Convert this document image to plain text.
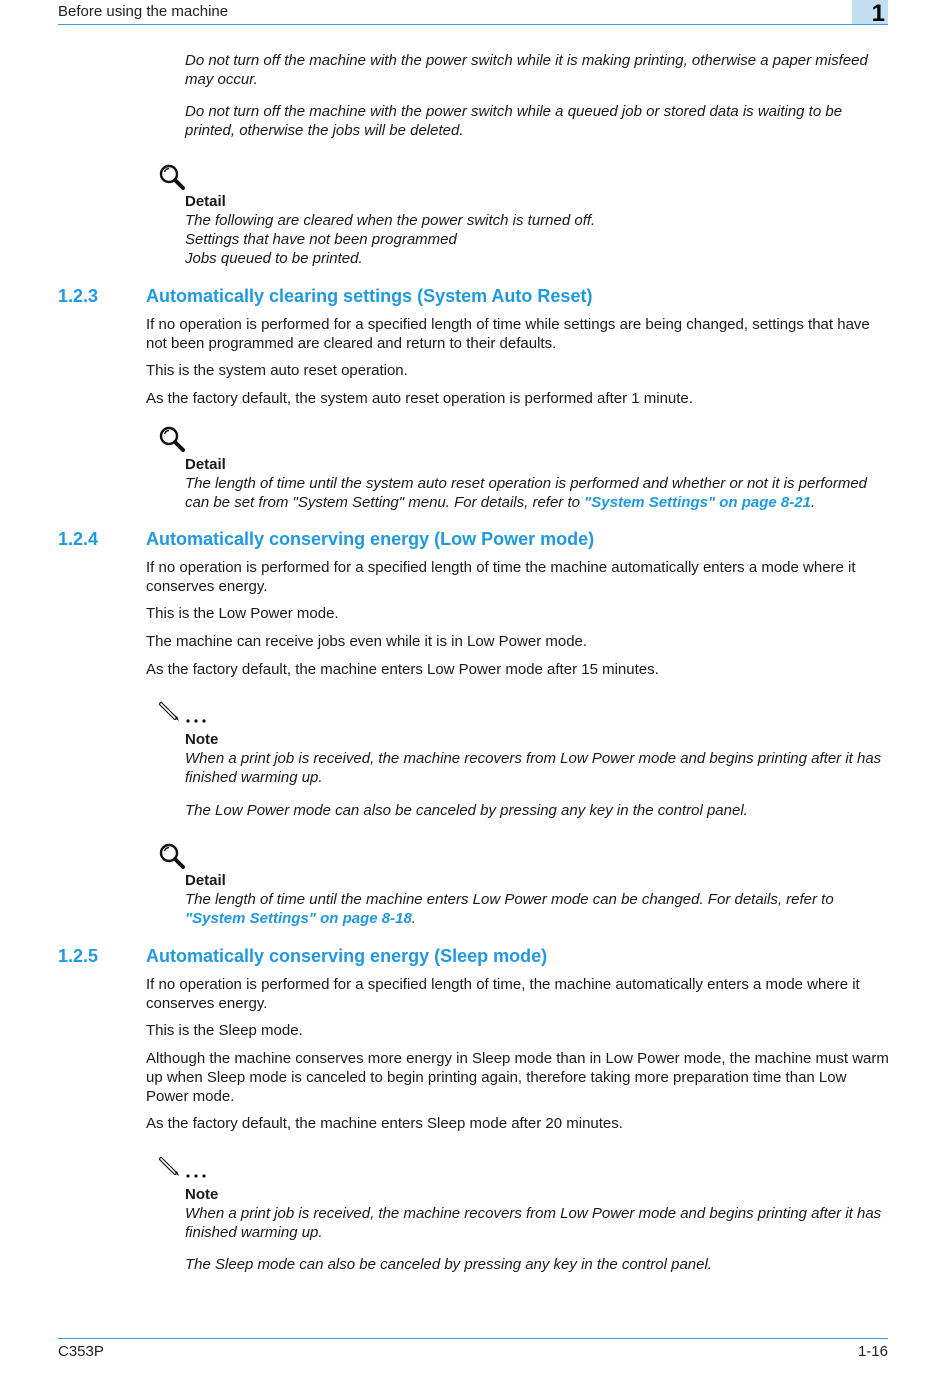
Before using the machine	1

Do not turn off the machine with the power switch while it is making printing, otherwise a paper misfeed may occur.

Do not turn off the machine with the power switch while a queued job or stored data is waiting to be printed, otherwise the jobs will be deleted.

Detail

The following are cleared when the power switch is turned off.

Settings that have not been programmed

Jobs queued to be printed.

1.2.3	Automatically clearing settings (System Auto Reset)

If no operation is performed for a specified length of time while settings are being changed, settings that have not been programmed are cleared and return to their defaults.

This is the system auto reset operation.

As the factory default, the system auto reset operation is performed after 1 minute.

Detail

The length of time until the system auto reset operation is performed and whether or not it is performed can be set from "System Setting" menu. For details, refer to "System Settings" on page 8-21.

1.2.4	Automatically conserving energy (Low Power mode)

If no operation is performed for a specified length of time the machine automatically enters a mode where it conserves energy.

This is the Low Power mode.

The machine can receive jobs even while it is in Low Power mode.

As the factory default, the machine enters Low Power mode after 15 minutes.

Note

When a print job is received, the machine recovers from Low Power mode and begins printing after it has finished warming up.

The Low Power mode can also be canceled by pressing any key in the control panel.

Detail

The length of time until the machine enters Low Power mode can be changed. For details, refer to "System Settings" on page 8-18.

1.2.5	Automatically conserving energy (Sleep mode)

If no operation is performed for a specified length of time, the machine automatically enters a mode where it conserves energy.

This is the Sleep mode.

Although the machine conserves more energy in Sleep mode than in Low Power mode, the machine must warm up when Sleep mode is canceled to begin printing again, therefore taking more preparation time than Low Power mode.

As the factory default, the machine enters Sleep mode after 20 minutes.

Note

When a print job is received, the machine recovers from Low Power mode and begins printing after it has finished warming up.

The Sleep mode can also be canceled by pressing any key in the control panel.

C353P	1-16
